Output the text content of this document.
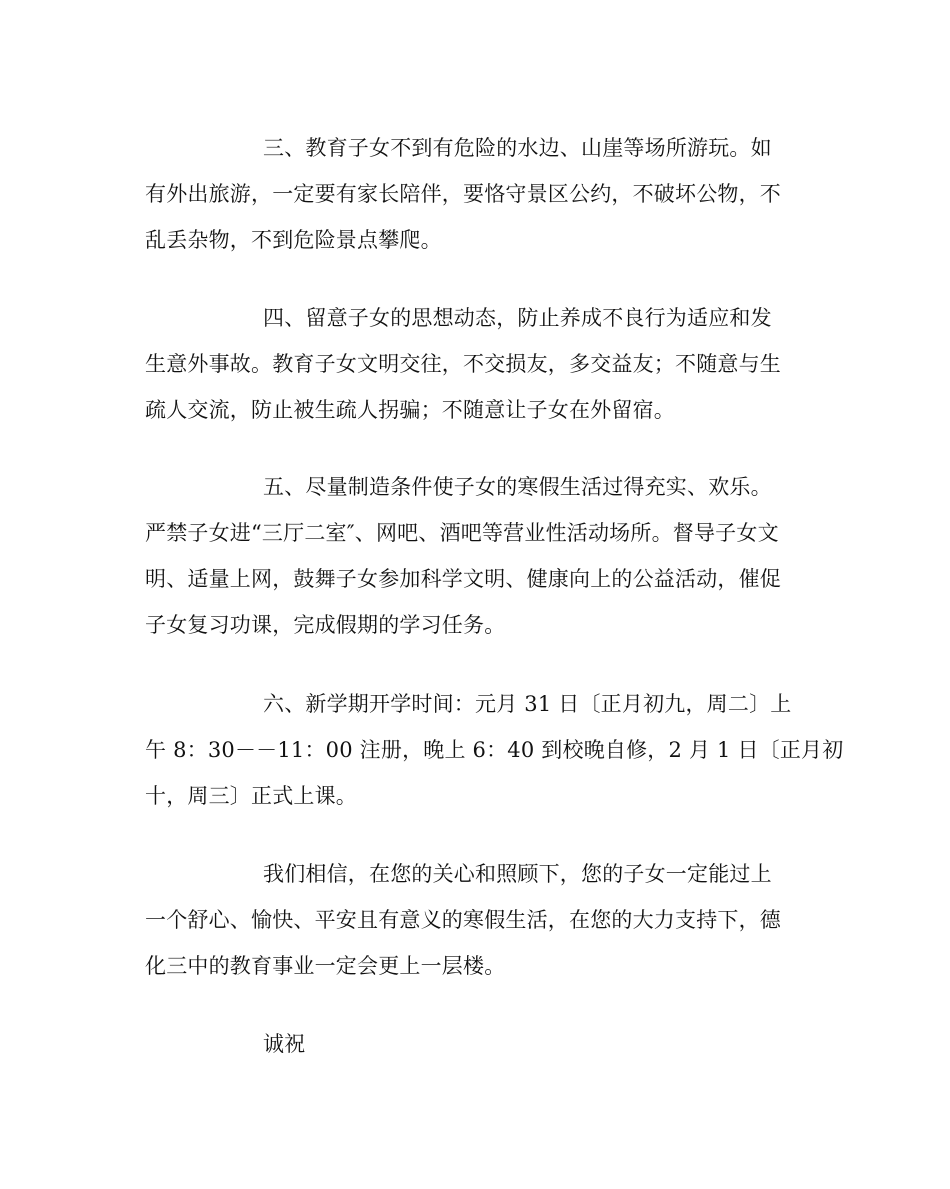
三、教育子女不到有危险的水边、山崖等场所游玩。如
有外出旅游，一定要有家长陪伴，要恪守景区公约，不破坏公物，不
乱丢杂物，不到危险景点攀爬。
四、留意子女的思想动态，防止养成不良行为适应和发
生意外事故。教育子女文明交往，不交损友，多交益友；不随意与生
疏人交流，防止被生疏人拐骗；不随意让子女在外留宿。
五、尽量制造条件使子女的寒假生活过得充实、欢乐。
严禁子女进“三厅二室″、网吧、酒吧等营业性活动场所。督导子女文
明、适量上网，鼓舞子女参加科学文明、健康向上的公益活动，催促
子女复习功课，完成假期的学习任务。
六、新学期开学时间：元月 31 日〔正月初九，周二〕上
午 8：30－－11：00 注册，晚上 6：40 到校晚自修，2 月 1 日〔正月初
十，周三〕正式上课。
我们相信，在您的关心和照顾下，您的子女一定能过上
一个舒心、愉快、平安且有意义的寒假生活，在您的大力支持下，德
化三中的教育事业一定会更上一层楼。
诚祝
